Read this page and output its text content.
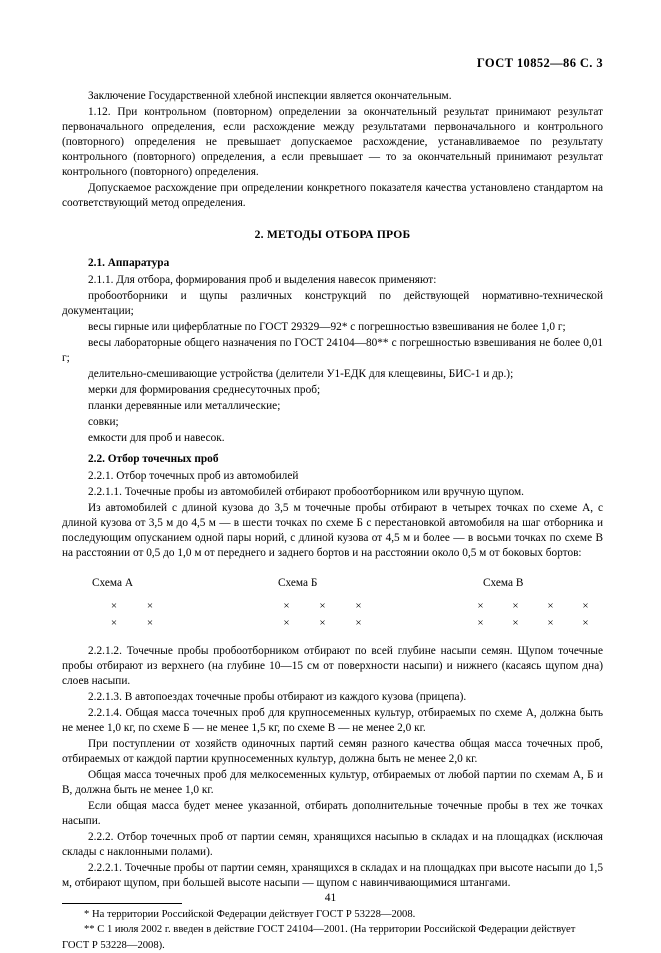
ГОСТ 10852—86 С. 3

Заключение Государственной хлебной инспекции является окончательным.

1.12. При контрольном (повторном) определении за окончательный результат принимают результат первоначального определения, если расхождение между результатами первоначального и контрольного (повторного) определения не превышает допускаемое расхождение, устанавливаемое по результату контрольного (повторного) определения, а если превышает — то за окончательный принимают результат контрольного (повторного) определения.

Допускаемое расхождение при определении конкретного показателя качества установлено стандартом на соответствующий метод определения.

2. МЕТОДЫ ОТБОРА ПРОБ

2.1. Аппаратура

2.1.1. Для отбора, формирования проб и выделения навесок применяют:

пробоотборники и щупы различных конструкций по действующей нормативно-технической документации;

весы гирные или циферблатные по ГОСТ 29329—92* с погрешностью взвешивания не более 1,0 г;

весы лабораторные общего назначения по ГОСТ 24104—80** с погрешностью взвешивания не более 0,01 г;

делительно-смешивающие устройства (делители У1-ЕДК для клещевины, БИС-1 и др.);

мерки для формирования среднесуточных проб;

планки деревянные или металлические;

совки;

емкости для проб и навесок.

2.2. Отбор точечных проб

2.2.1. Отбор точечных проб из автомобилей

2.2.1.1. Точечные пробы из автомобилей отбирают пробоотборником или вручную щупом.

Из автомобилей с длиной кузова до 3,5 м точечные пробы отбирают в четырех точках по схеме А, с длиной кузова от 3,5 м до 4,5 м — в шести точках по схеме Б с перестановкой автомобиля на шаг отборника и последующим опусканием одной пары норий, с длиной кузова от 4,5 м и более — в восьми точках по схеме В на расстоянии от 0,5 до 1,0 м от переднего и заднего бортов и на расстоянии около 0,5 м от боковых бортов:

Схема А	Схема Б	Схема В
×	×	×	×	×	×	×	×	×
×	×	×	×	×	×	×	×	×

2.2.1.2. Точечные пробы пробоотборником отбирают по всей глубине насыпи семян. Щупом точечные пробы отбирают из верхнего (на глубине 10—15 см от поверхности насыпи) и нижнего (касаясь щупом дна) слоев насыпи.

2.2.1.3. В автопоездах точечные пробы отбирают из каждого кузова (прицепа).

2.2.1.4. Общая масса точечных проб для крупносеменных культур, отбираемых по схеме А, должна быть не менее 1,0 кг, по схеме Б — не менее 1,5 кг, по схеме В — не менее 2,0 кг.

При поступлении от хозяйств одиночных партий семян разного качества общая масса точечных проб, отбираемых от каждой партии крупносеменных культур, должна быть не менее 2,0 кг.

Общая масса точечных проб для мелкосеменных культур, отбираемых от любой партии по схемам А, Б и В, должна быть не менее 1,0 кг.

Если общая масса будет менее указанной, отбирать дополнительные точечные пробы в тех же точках насыпи.

2.2.2. Отбор точечных проб от партии семян, хранящихся насыпью в складах и на площадках (исключая склады с наклонными полами).

2.2.2.1. Точечные пробы от партии семян, хранящихся в складах и на площадках при высоте насыпи до 1,5 м, отбирают щупом, при большей высоте насыпи — щупом с навинчивающимися штангами.

* На территории Российской Федерации действует ГОСТ Р 53228—2008.

** С 1 июля 2002 г. введен в действие ГОСТ 24104—2001. (На территории Российской Федерации действует

ГОСТ Р 53228—2008).

41
